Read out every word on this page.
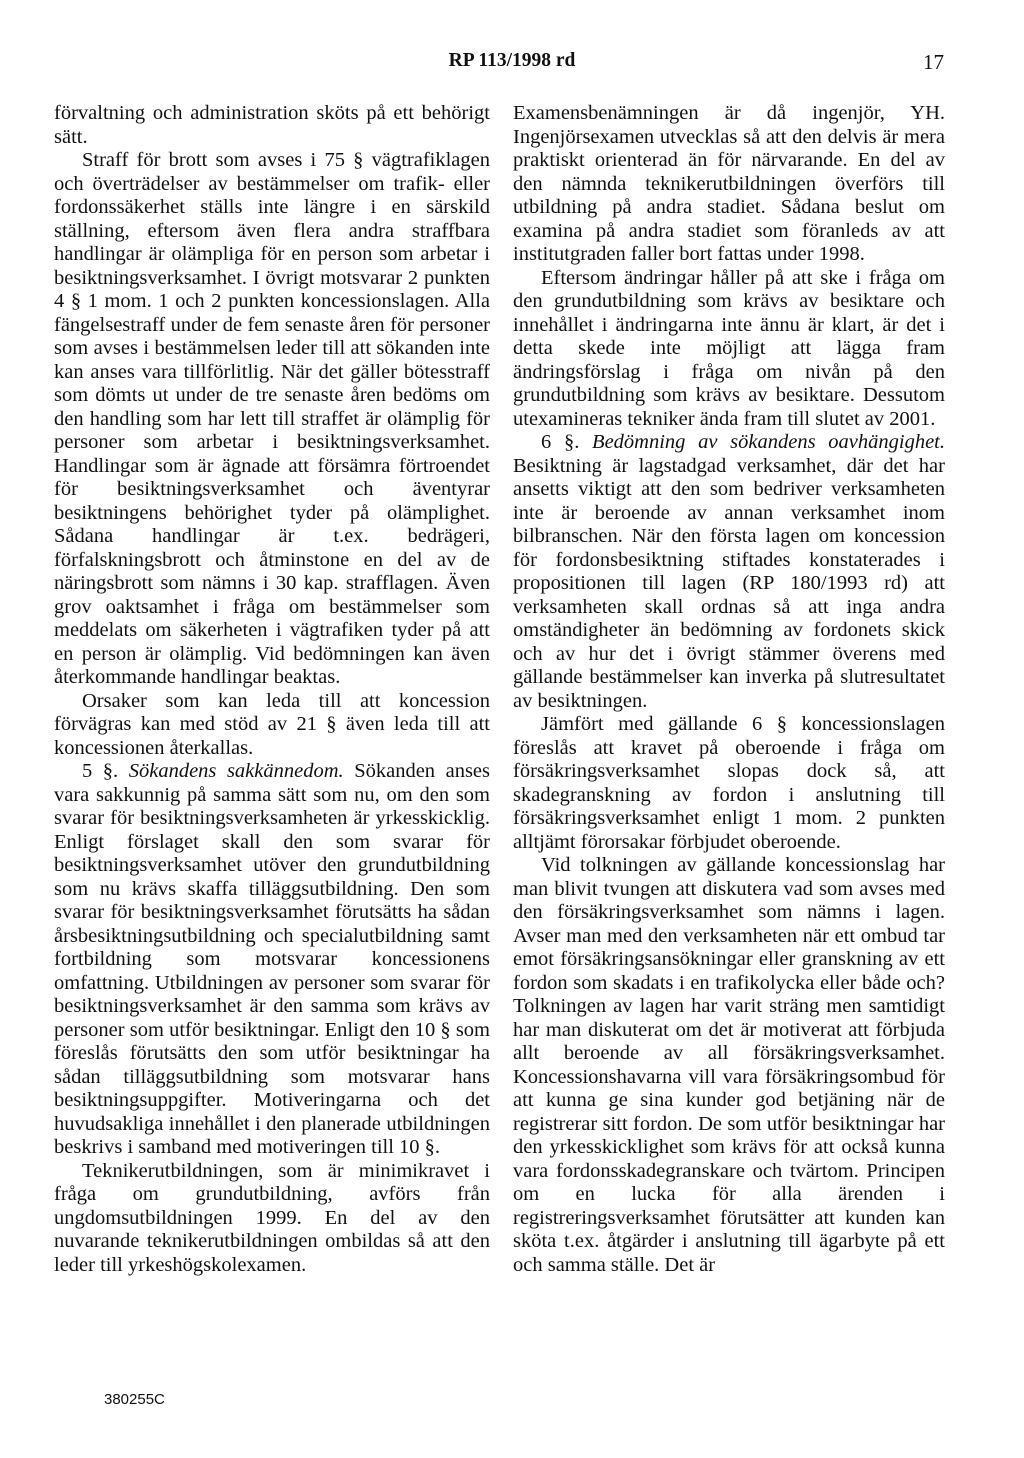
RP 113/1998 rd	17

förvaltning och administration sköts på ett behörigt sätt.

Straff för brott som avses i 75 § vägtrafiklagen och överträdelser av bestämmelser om trafik- eller fordonssäkerhet ställs inte längre i en särskild ställning, eftersom även flera andra straffbara handlingar är olämpliga för en person som arbetar i besiktningsverksamhet. I övrigt motsvarar 2 punkten 4 § 1 mom. 1 och 2 punkten koncessionslagen. Alla fängelsestraff under de fem senaste åren för personer som avses i bestämmelsen leder till att sökanden inte kan anses vara tillförlitlig. När det gäller bötesstraff som dömts ut under de tre senaste åren bedöms om den handling som har lett till straffet är olämplig för personer som arbetar i besiktningsverksamhet. Handlingar som är ägnade att försämra förtroendet för besiktningsverksamhet och äventyrar besiktningens behörighet tyder på olämplighet. Sådana handlingar är t.ex. bedrägeri, förfalskningsbrott och åtminstone en del av de näringsbrott som nämns i 30 kap. strafflagen. Även grov oaktsamhet i fråga om bestämmelser som meddelats om säkerheten i vägtrafiken tyder på att en person är olämplig. Vid bedömningen kan även återkommande handlingar beaktas.

Orsaker som kan leda till att koncession förvägras kan med stöd av 21 § även leda till att koncessionen återkallas.

5 §. Sökandens sakkännedom. Sökanden anses vara sakkunnig på samma sätt som nu, om den som svarar för besiktningsverksamheten är yrkesskicklig. Enligt förslaget skall den som svarar för besiktningsverksamhet utöver den grundutbildning som nu krävs skaffa tilläggsutbildning. Den som svarar för besiktningsverksamhet förutsätts ha sådan årsbesiktningsutbildning och specialutbildning samt fortbildning som motsvarar koncessionens omfattning. Utbildningen av personer som svarar för besiktningsverksamhet är den samma som krävs av personer som utför besiktningar. Enligt den 10 § som föreslås förutsätts den som utför besiktningar ha sådan tilläggsutbildning som motsvarar hans besiktningsuppgifter. Motiveringarna och det huvudsakliga innehållet i den planerade utbildningen beskrivs i samband med motiveringen till 10 §.

Teknikerutbildningen, som är minimikravet i fråga om grundutbildning, avförs från ungdomsutbildningen 1999. En del av den nuvarande teknikerutbildningen ombildas så att den leder till yrkeshögskolexamen.

Examensbenämningen är då ingenjör, YH. Ingenjörsexamen utvecklas så att den delvis är mera praktiskt orienterad än för närvarande. En del av den nämnda teknikerutbildningen överförs till utbildning på andra stadiet. Sådana beslut om examina på andra stadiet som föranleds av att institutgraden faller bort fattas under 1998.

Eftersom ändringar håller på att ske i fråga om den grundutbildning som krävs av besiktare och innehållet i ändringarna inte ännu är klart, är det i detta skede inte möjligt att lägga fram ändringsförslag i fråga om nivån på den grundutbildning som krävs av besiktare. Dessutom utexamineras tekniker ända fram till slutet av 2001.

6 §. Bedömning av sökandens oavhängighet. Besiktning är lagstadgad verksamhet, där det har ansetts viktigt att den som bedriver verksamheten inte är beroende av annan verksamhet inom bilbranschen. När den första lagen om koncession för fordonsbesiktning stiftades konstaterades i propositionen till lagen (RP 180/1993 rd) att verksamheten skall ordnas så att inga andra omständigheter än bedömning av fordonets skick och av hur det i övrigt stämmer överens med gällande bestämmelser kan inverka på slutresultatet av besiktningen.

Jämfört med gällande 6 § koncessionslagen föreslås att kravet på oberoende i fråga om försäkringsverksamhet slopas dock så, att skadegranskning av fordon i anslutning till försäkringsverksamhet enligt 1 mom. 2 punkten alltjämt förorsakar förbjudet oberoende.

Vid tolkningen av gällande koncessionslag har man blivit tvungen att diskutera vad som avses med den försäkringsverksamhet som nämns i lagen. Avser man med den verksamheten när ett ombud tar emot försäkringsansökningar eller granskning av ett fordon som skadats i en trafikolycka eller både och? Tolkningen av lagen har varit sträng men samtidigt har man diskuterat om det är motiverat att förbjuda allt beroende av all försäkringsverksamhet. Koncessionshavarna vill vara försäkringsombud för att kunna ge sina kunder god betjäning när de registrerar sitt fordon. De som utför besiktningar har den yrkesskicklighet som krävs för att också kunna vara fordonsskadegranskare och tvärtom. Principen om en lucka för alla ärenden i registreringsverksamhet förutsätter att kunden kan sköta t.ex. åtgärder i anslutning till ägarbyte på ett och samma ställe. Det är

380255C
